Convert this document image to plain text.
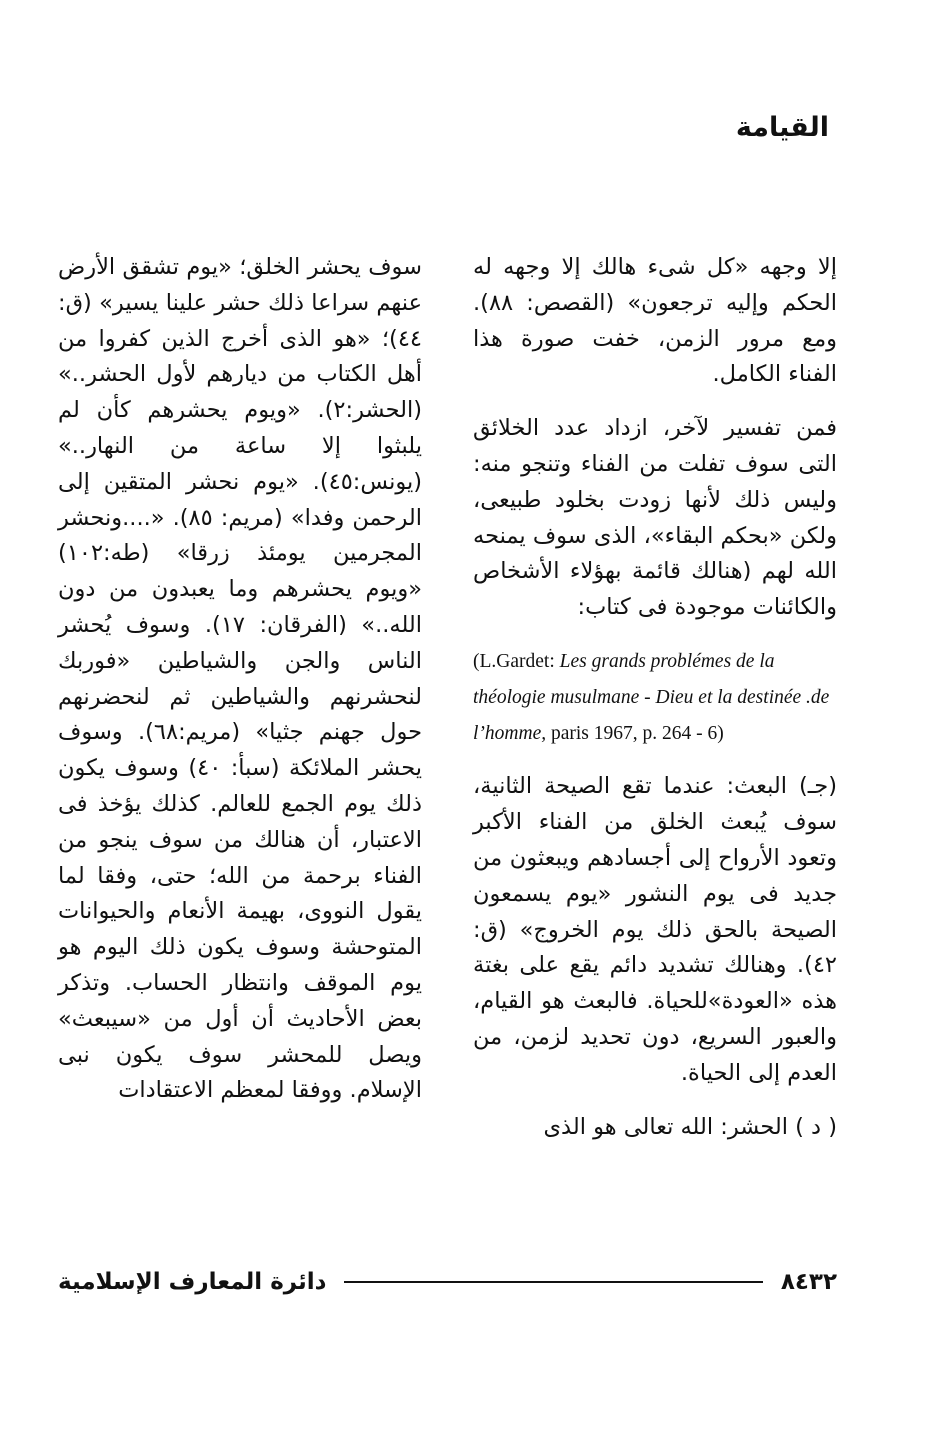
القيامة

إلا وجهه «كل شىء هالك إلا وجهه له الحكم وإليه ترجعون» (القصص: ٨٨). ومع مرور الزمن، خفت صورة هذا الفناء الكامل.

فمن تفسير لآخر، ازداد عدد الخلائق التى سوف تفلت من الفناء وتنجو منه: وليس ذلك لأنها زودت بخلود طبيعى، ولكن «بحكم البقاء»، الذى سوف يمنحه الله لهم (هنالك قائمة بهؤلاء الأشخاص والكائنات موجودة فى كتاب:

(L.Gardet: Les grands problémes de la théologie musulmane - Dieu et la destinée .de l’homme, paris 1967, p. 264 - 6)

(جـ) البعث: عندما تقع الصيحة الثانية، سوف يُبعث الخلق من الفناء الأكبر وتعود الأرواح إلى أجسادهم ويبعثون من جديد فى يوم النشور «يوم يسمعون الصيحة بالحق ذلك يوم الخروج» (ق: ٤٢). وهنالك تشديد دائم يقع على بغتة هذه «العودة»للحياة. فالبعث هو القيام، والعبور السريع، دون تحديد لزمن، من العدم إلى الحياة.

( د ) الحشر: الله تعالى هو الذى

سوف يحشر الخلق؛ «يوم تشقق الأرض عنهم سراعا ذلك حشر علينا يسير» (ق: ٤٤)؛ «هو الذى أخرج الذين كفروا من أهل الكتاب من ديارهم لأول الحشر..» (الحشر:٢). «ويوم يحشرهم كأن لم يلبثوا إلا ساعة من النهار..» (يونس:٤٥). «يوم نحشر المتقين إلى الرحمن وفدا» (مريم: ٨٥). «....ونحشر المجرمين يومئذ زرقا» (طه:١٠٢) «ويوم يحشرهم وما يعبدون من دون الله..» (الفرقان: ١٧). وسوف يُحشر الناس والجن والشياطين «فوربك لنحشرنهم والشياطين ثم لنحضرنهم حول جهنم جثيا» (مريم:٦٨). وسوف يحشر الملائكة (سبأ: ٤٠) وسوف يكون ذلك يوم الجمع للعالم. كذلك يؤخذ فى الاعتبار، أن هنالك من سوف ينجو من الفناء برحمة من الله؛ حتى، وفقا لما يقول النووى، بهيمة الأنعام والحيوانات المتوحشة وسوف يكون ذلك اليوم هو يوم الموقف وانتظار الحساب. وتذكر بعض الأحاديث أن أول من «سيبعث» ويصل للمحشر سوف يكون نبى الإسلام. ووفقا لمعظم الاعتقادات

٨٤٣٢
دائرة المعارف الإسلامية
